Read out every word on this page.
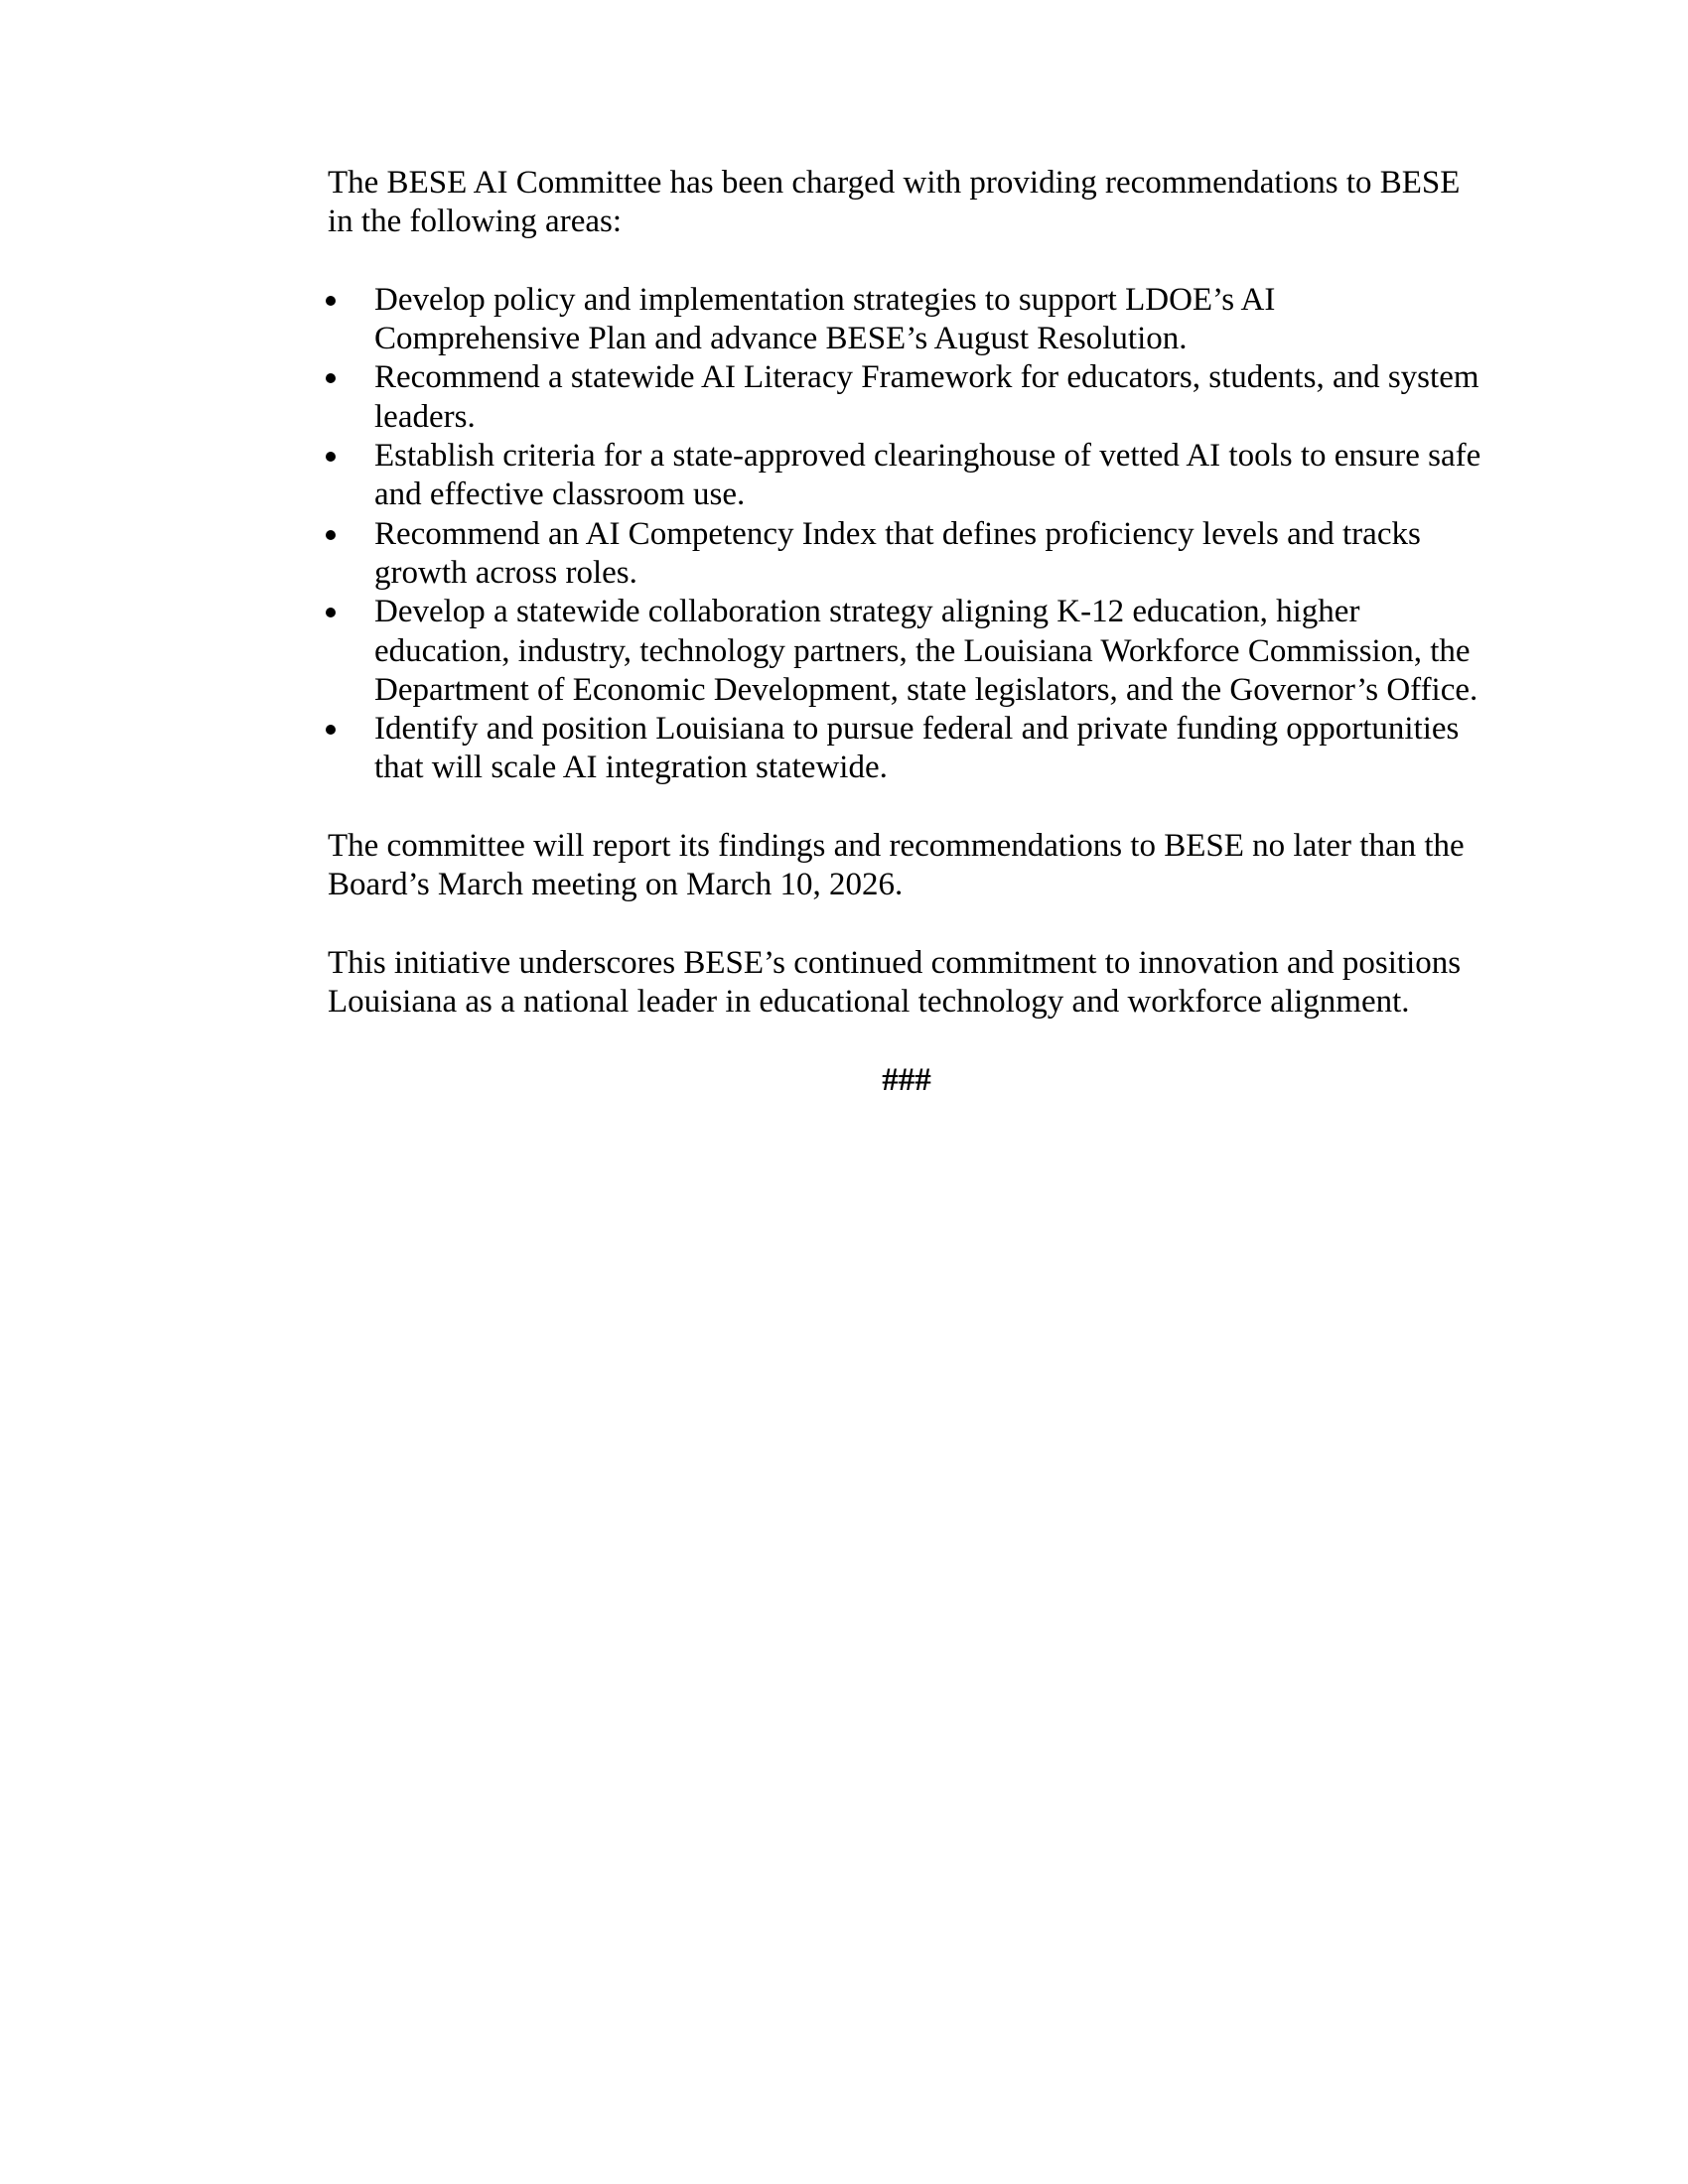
The BESE AI Committee has been charged with providing recommendations to BESE in the following areas:

Develop policy and implementation strategies to support LDOE’s AI Comprehensive Plan and advance BESE’s August Resolution.
Recommend a statewide AI Literacy Framework for educators, students, and system leaders.
Establish criteria for a state-approved clearinghouse of vetted AI tools to ensure safe and effective classroom use.
Recommend an AI Competency Index that defines proficiency levels and tracks growth across roles.
Develop a statewide collaboration strategy aligning K-12 education, higher education, industry, technology partners, the Louisiana Workforce Commission, the Department of Economic Development, state legislators, and the Governor’s Office.
Identify and position Louisiana to pursue federal and private funding opportunities that will scale AI integration statewide.

The committee will report its findings and recommendations to BESE no later than the Board’s March meeting on March 10, 2026.

This initiative underscores BESE’s continued commitment to innovation and positions Louisiana as a national leader in educational technology and workforce alignment.

###
